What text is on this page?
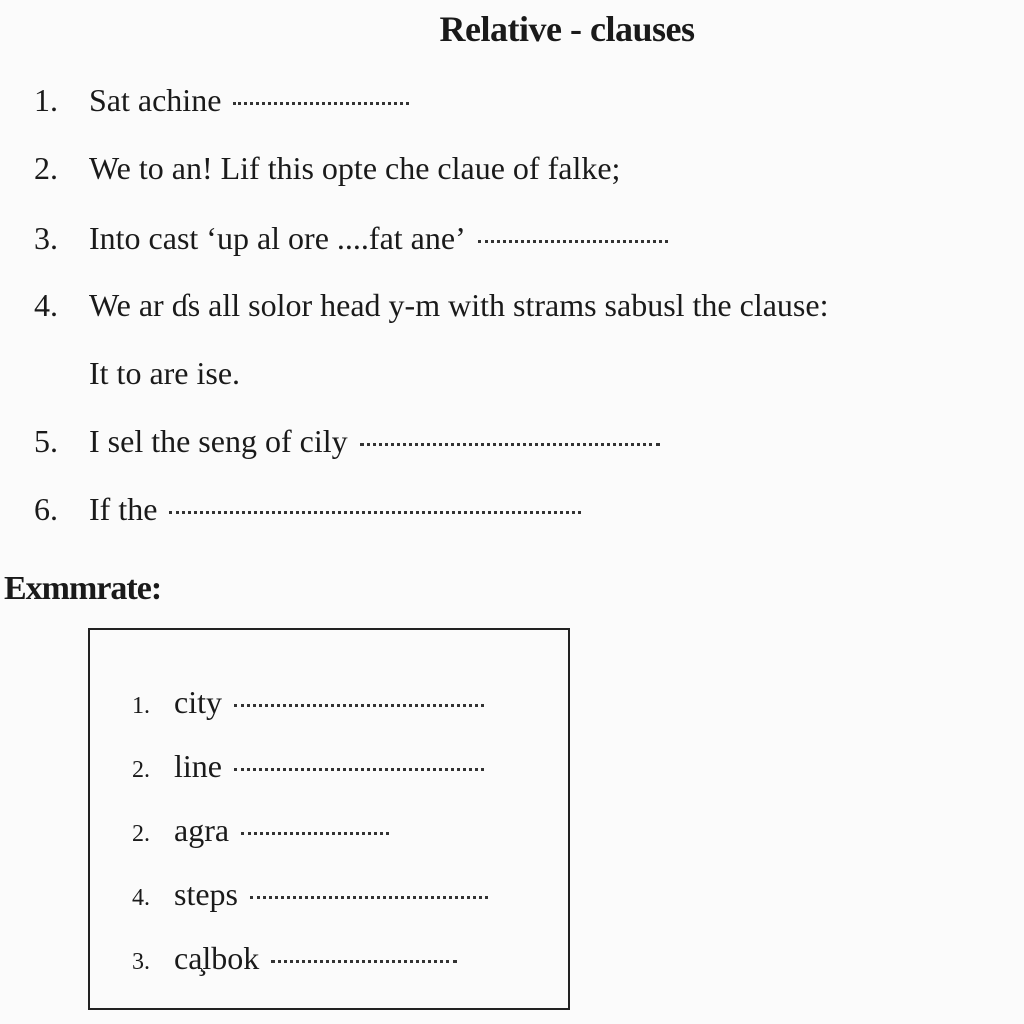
Relative - clauses
1. Sat achine
2. We to an! Lif this opte che claue of falke;
3. Into cast ‘up al ore ....fat ane’
4. We ar ɗs all solor head y-m with strams sabusl the clause:
It to are ise.
5. I sel the seng of cily
6. If the
Exmmrate:
1. city
2. line
2. agra
4. steps
3. ca̧lbok
